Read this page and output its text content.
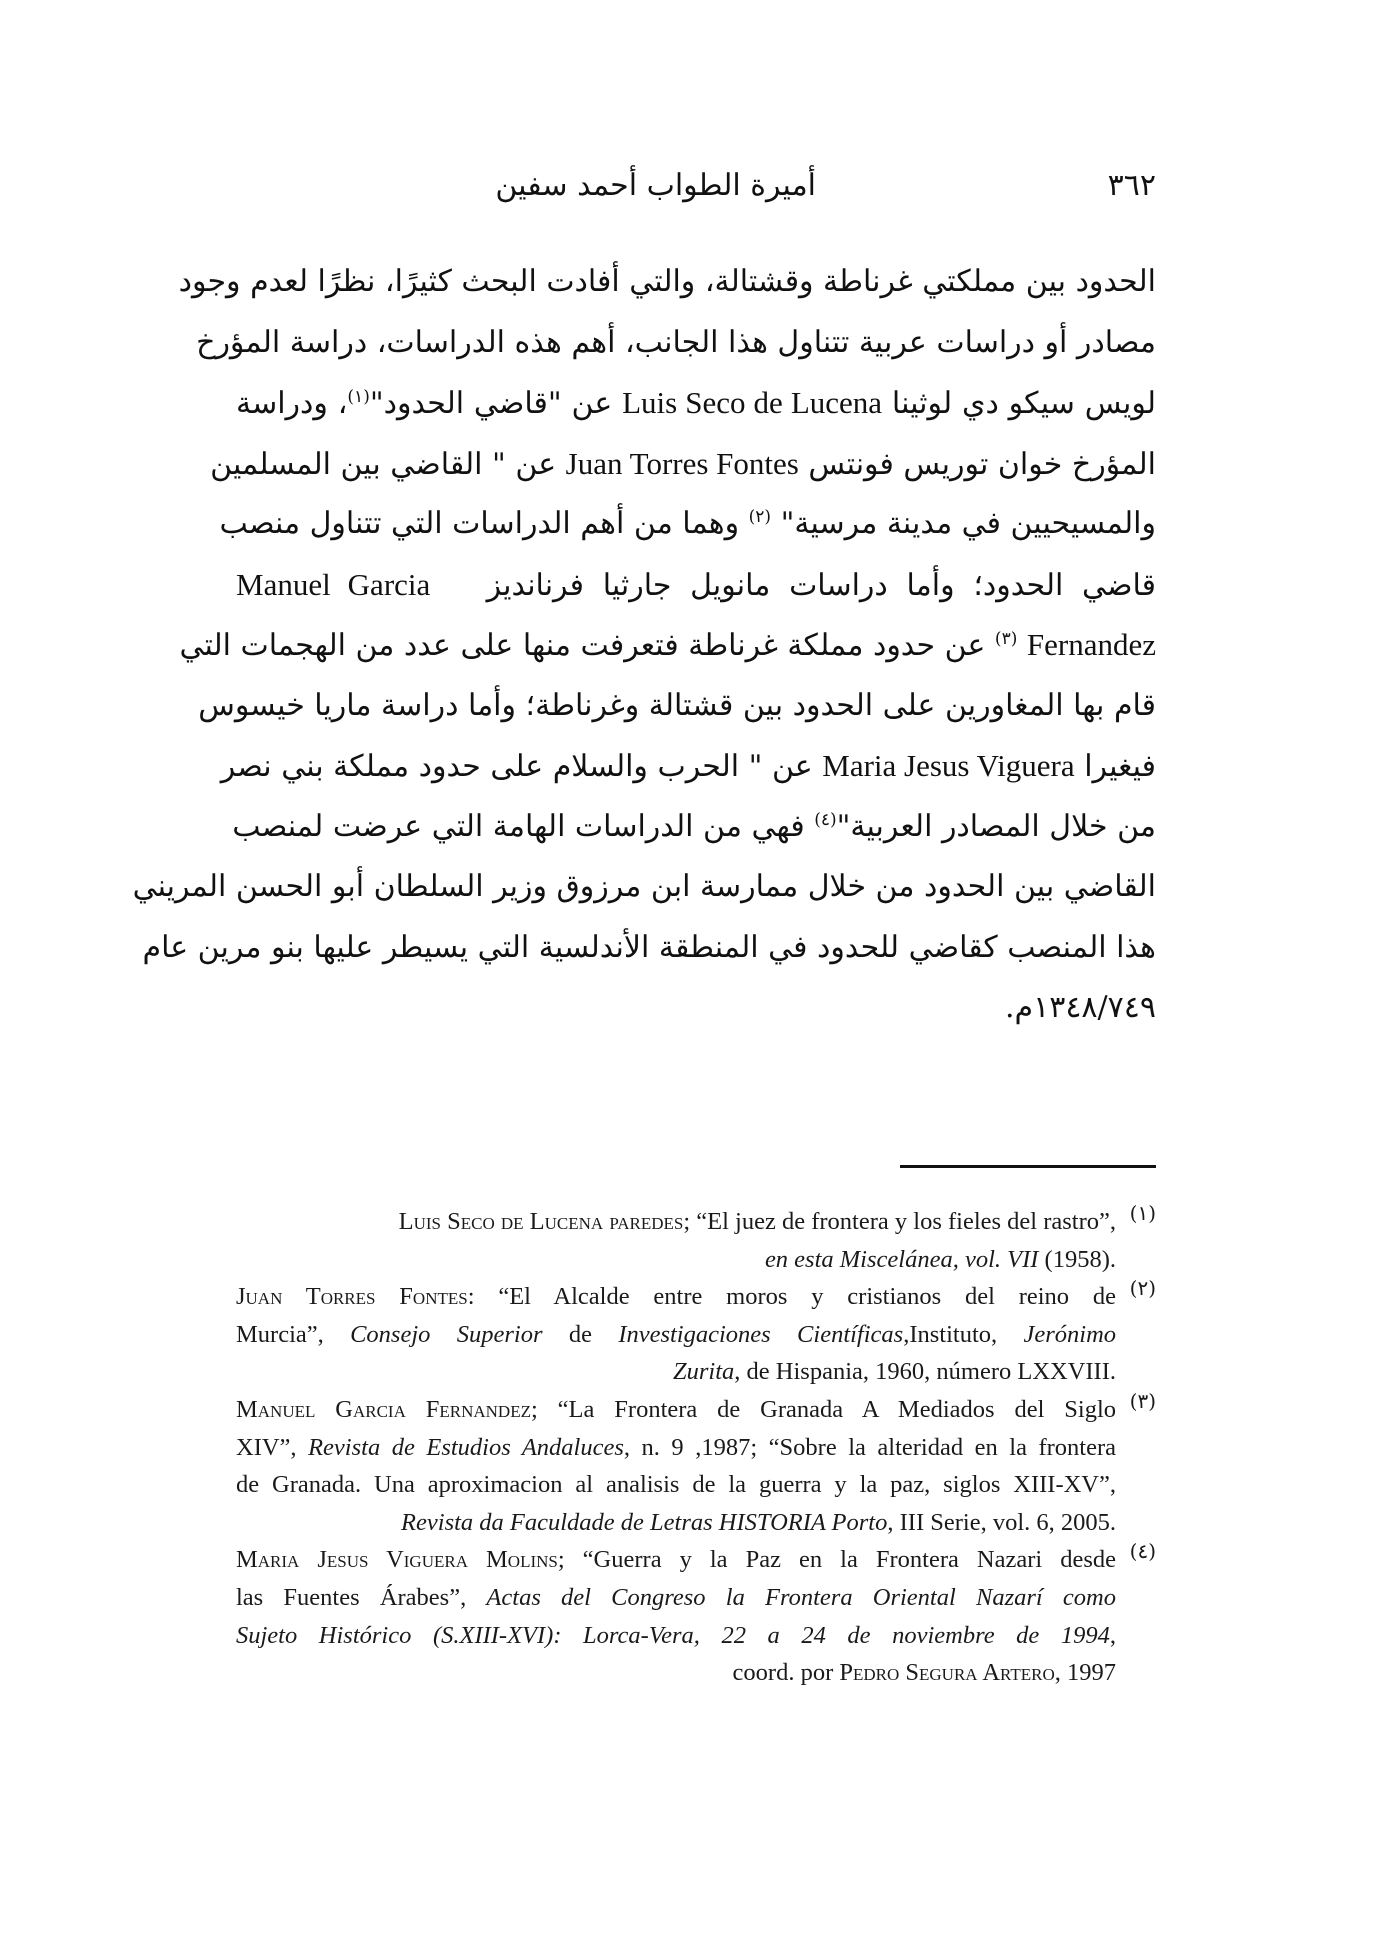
٣٦٢
أميرة الطواب أحمد سفين
الحدود بين مملكتي غرناطة وقشتالة، والتي أفادت البحث كثيرًا، نظرًا لعدم وجود
مصادر أو دراسات عربية تتناول هذا الجانب، أهم هذه الدراسات، دراسة المؤرخ
لويس سيكو دي لوثينا Luis Seco de Lucena عن "قاضي الحدود"$^{(١)}$، ودراسة
المؤرخ خوان توريس فونتس Juan Torres Fontes عن " القاضي بين المسلمين
والمسيحيين في مدينة مرسية" $^{(٢)}$ وهما من أهم الدراسات التي تتناول منصب
قاضي الحدود؛ وأما دراسات مانويل جارثيا فرنانديز   Manuel Garcia
Fernandez $^{(٣)}$ عن حدود مملكة غرناطة فتعرفت منها على عدد من الهجمات التي
قام بها المغاورين على الحدود بين قشتالة وغرناطة؛ وأما دراسة ماريا خيسوس
فيغيرا Maria Jesus Viguera عن " الحرب والسلام على حدود مملكة بني نصر
من خلال المصادر العربية"$^{(٤)}$ فهي من الدراسات الهامة التي عرضت لمنصب
القاضي بين الحدود من خلال ممارسة ابن مرزوق وزير السلطان أبو الحسن المريني
هذا المنصب كقاضي للحدود في المنطقة الأندلسية التي يسيطر عليها بنو مرين عام
١٣٤٨/٧٤٩م.
(١)
Luis Seco de Lucena paredes; “El juez de frontera y los fieles del rastro”,
en esta Miscelánea, vol. VII (1958).
(٢)
Juan Torres Fontes: “El Alcalde entre moros y cristianos del reino de
Murcia”, Consejo Superior de Investigaciones Científicas,Instituto, Jerónimo
Zurita, de Hispania, 1960, número LXXVIII.
(٣)
Manuel Garcia Fernandez; “La Frontera de Granada A Mediados del Siglo
XIV”, Revista de Estudios Andaluces, n. 9 ,1987; “Sobre la alteridad en la frontera
de Granada. Una aproximacion al analisis de la guerra y la paz, siglos XIII-XV”,
Revista da Faculdade de Letras HISTORIA Porto, III Serie, vol. 6, 2005.
(٤)
Maria Jesus Viguera Molins; “Guerra y la Paz en la Frontera Nazari desde
las Fuentes Árabes”, Actas del Congreso la Frontera Oriental Nazarí como
Sujeto Histórico (S.XIII-XVI): Lorca-Vera, 22 a 24 de noviembre de 1994,
coord. por Pedro Segura Artero, 1997
